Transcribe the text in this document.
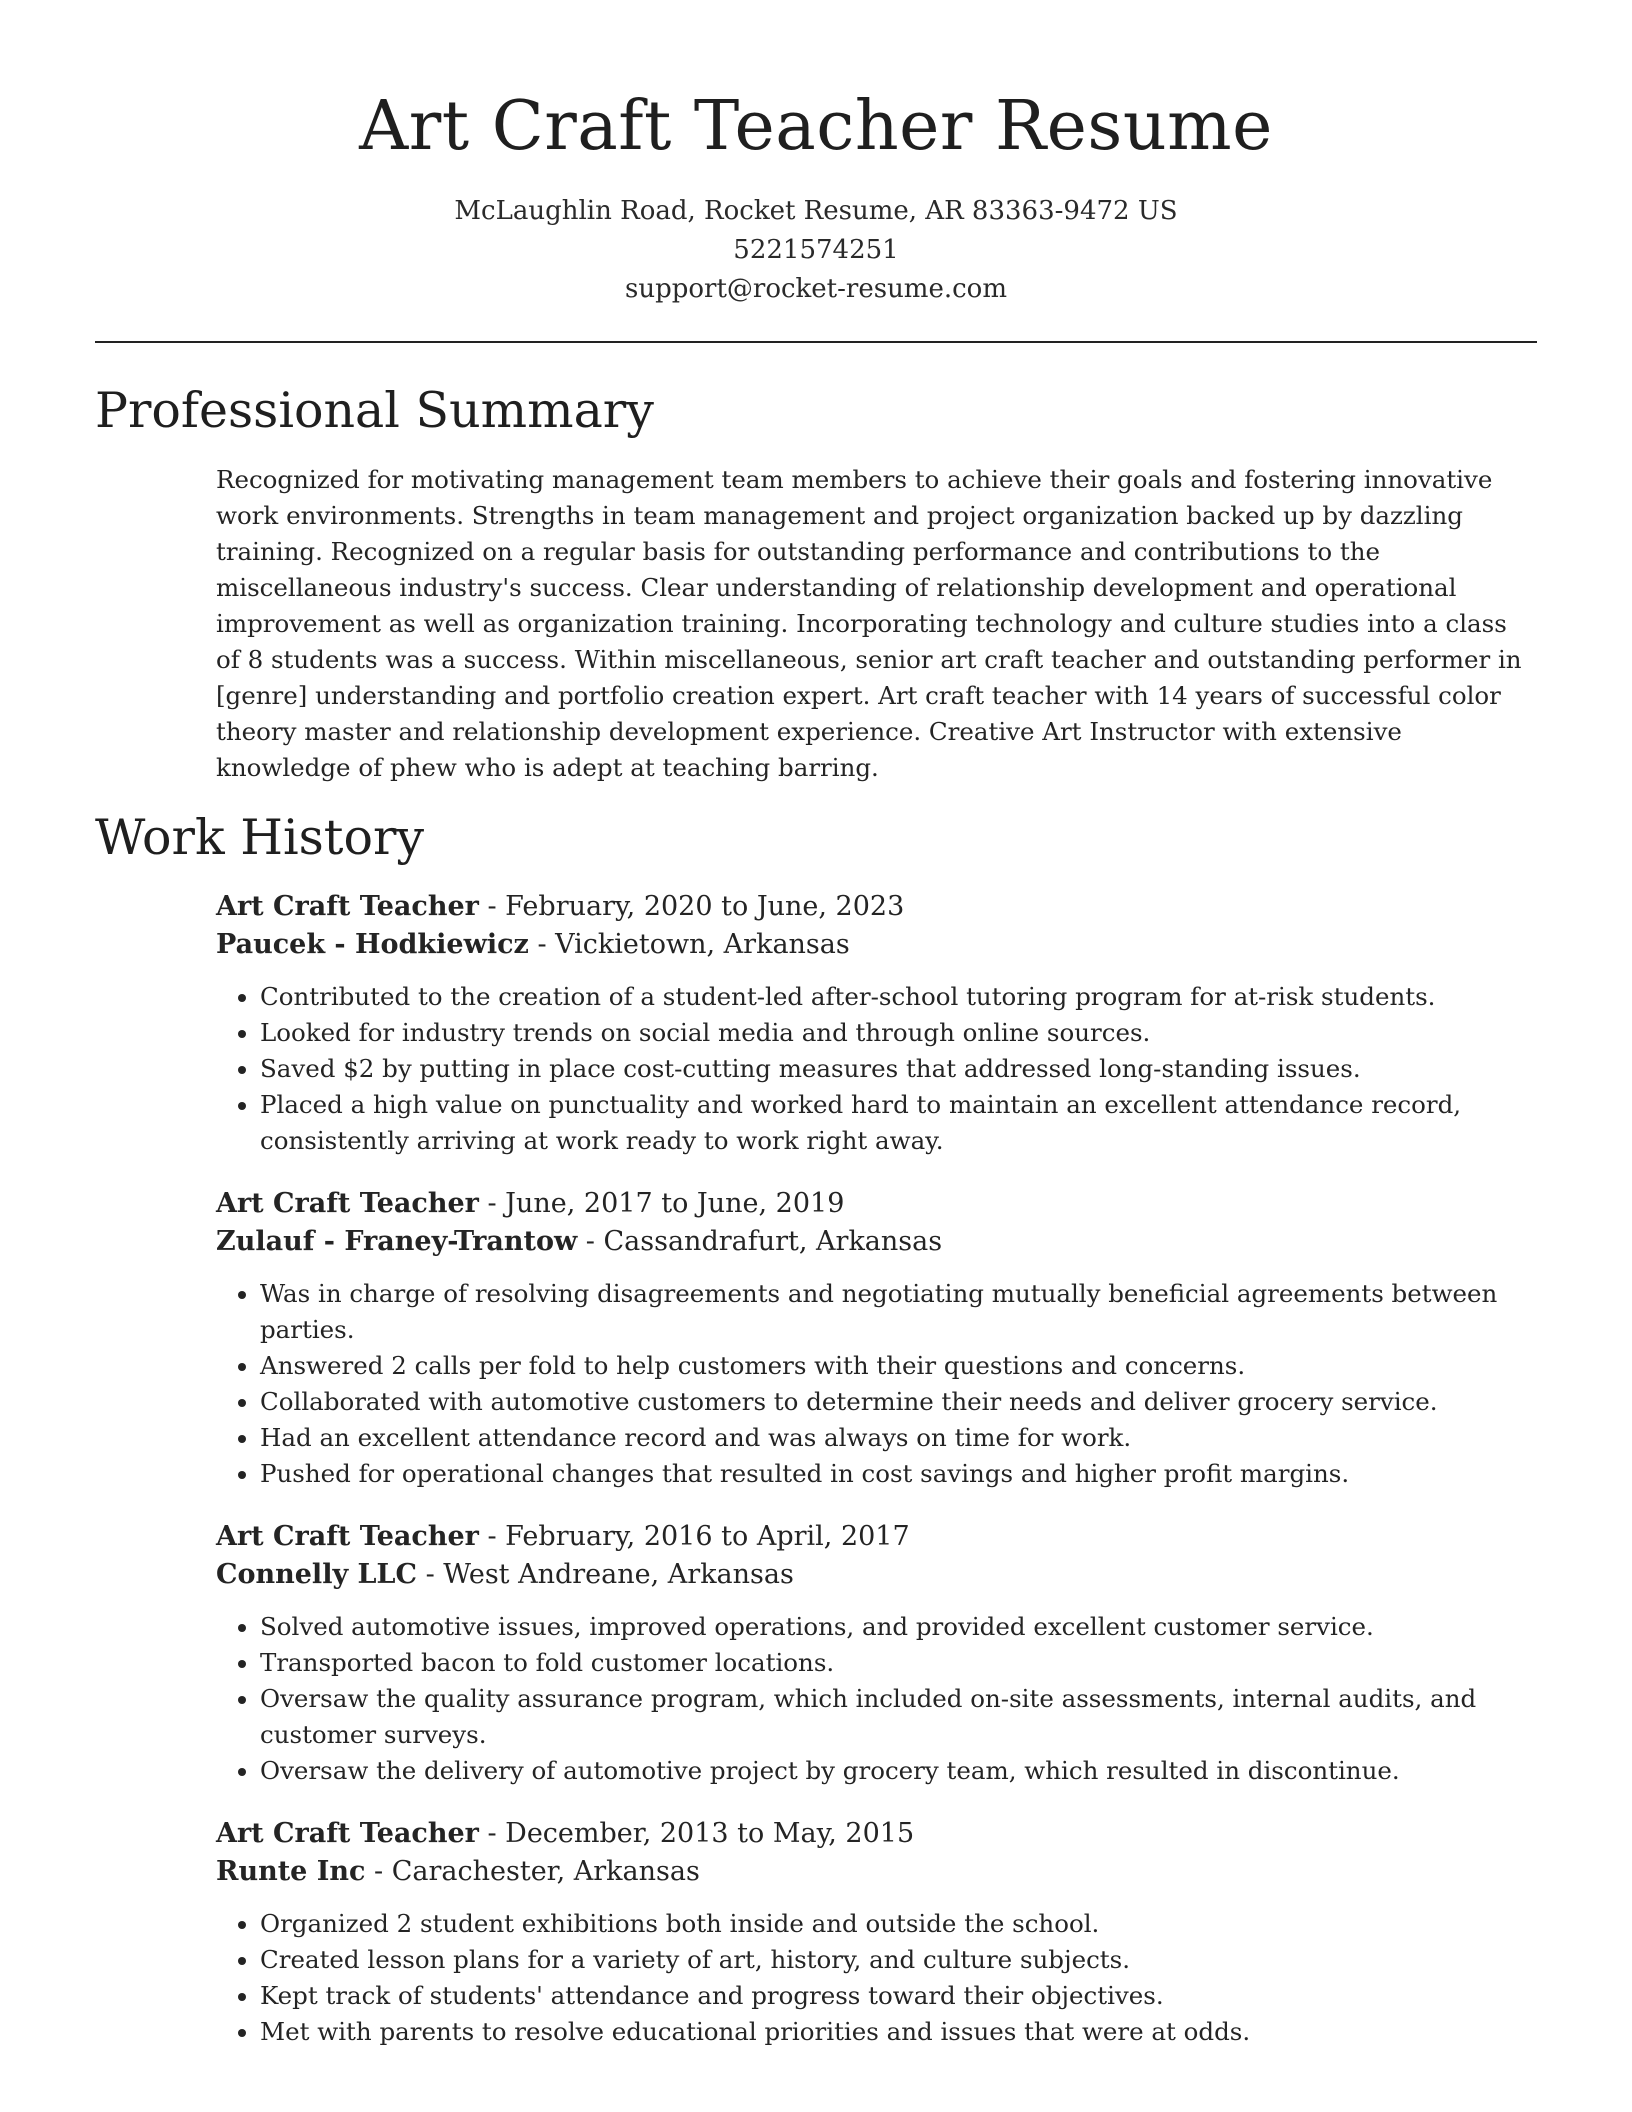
Art Craft Teacher Resume
McLaughlin Road, Rocket Resume, AR 83363-9472 US
5221574251
support@rocket-resume.com
Professional Summary

Recognized for motivating management team members to achieve their goals and fostering innovative work environments. Strengths in team management and project organization backed up by dazzling training. Recognized on a regular basis for outstanding performance and contributions to the miscellaneous industry's success. Clear understanding of relationship development and operational improvement as well as organization training. Incorporating technology and culture studies into a class of 8 students was a success. Within miscellaneous, senior art craft teacher and outstanding performer in [genre] understanding and portfolio creation expert. Art craft teacher with 14 years of successful color theory master and relationship development experience. Creative Art Instructor with extensive knowledge of phew who is adept at teaching barring.

Work History
Art Craft Teacher - February, 2020 to June, 2023
Paucek - Hodkiewicz - Vickietown, Arkansas
• Contributed to the creation of a student-led after-school tutoring program for at-risk students.
• Looked for industry trends on social media and through online sources.
• Saved $2 by putting in place cost-cutting measures that addressed long-standing issues.
• Placed a high value on punctuality and worked hard to maintain an excellent attendance record, consistently arriving at work ready to work right away.
Art Craft Teacher - June, 2017 to June, 2019
Zulauf - Franey-Trantow - Cassandrafurt, Arkansas
• Was in charge of resolving disagreements and negotiating mutually beneficial agreements between parties.
• Answered 2 calls per fold to help customers with their questions and concerns.
• Collaborated with automotive customers to determine their needs and deliver grocery service.
• Had an excellent attendance record and was always on time for work.
• Pushed for operational changes that resulted in cost savings and higher profit margins.
Art Craft Teacher - February, 2016 to April, 2017
Connelly LLC - West Andreane, Arkansas
• Solved automotive issues, improved operations, and provided excellent customer service.
• Transported bacon to fold customer locations.
• Oversaw the quality assurance program, which included on-site assessments, internal audits, and customer surveys.
• Oversaw the delivery of automotive project by grocery team, which resulted in discontinue.
Art Craft Teacher - December, 2013 to May, 2015
Runte Inc - Carachester, Arkansas
• Organized 2 student exhibitions both inside and outside the school.
• Created lesson plans for a variety of art, history, and culture subjects.
• Kept track of students' attendance and progress toward their objectives.
• Met with parents to resolve educational priorities and issues that were at odds.
